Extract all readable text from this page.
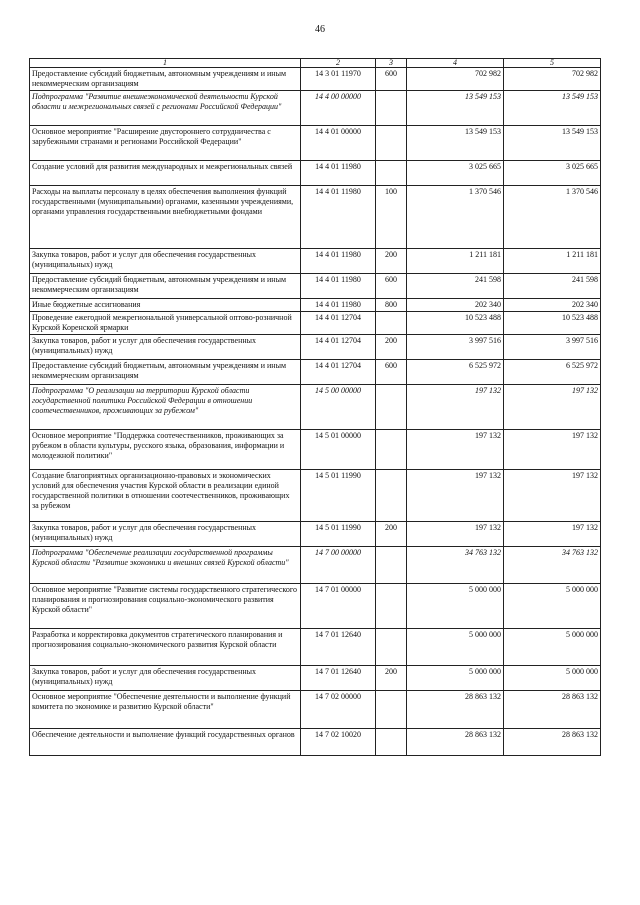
46
1	2	3	4	5
Предоставление субсидий бюджетным, автономным учреждениям и иным некоммерческим организациям	14 3 01 11970	600	702 982	702 982
Подпрограмма "Развитие внешнеэкономической деятельности Курской области и межрегиональных связей с регионами Российской Федерации"	14 4 00 00000		13 549 153	13 549 153
Основное мероприятие "Расширение двустороннего сотрудничества с зарубежными странами и регионами Российской Федерации"	14 4 01 00000		13 549 153	13 549 153
Создание условий для развития международных и межрегиональных связей	14 4 01 11980		3 025 665	3 025 665
Расходы на выплаты персоналу в целях обеспечения выполнения функций государственными (муниципальными) органами, казенными учреждениями, органами управления государственными внебюджетными фондами	14 4 01 11980	100	1 370 546	1 370 546
Закупка товаров, работ и услуг для обеспечения государственных (муниципальных) нужд	14 4 01 11980	200	1 211 181	1 211 181
Предоставление субсидий бюджетным, автономным учреждениям и иным некоммерческим организациям	14 4 01 11980	600	241 598	241 598
Иные бюджетные ассигнования	14 4 01 11980	800	202 340	202 340
Проведение ежегодной межрегиональной универсальной оптово-розничной Курской Коренской ярмарки	14 4 01 12704		10 523 488	10 523 488
Закупка товаров, работ и услуг для обеспечения государственных (муниципальных) нужд	14 4 01 12704	200	3 997 516	3 997 516
Предоставление субсидий бюджетным, автономным учреждениям и иным некоммерческим организациям	14 4 01 12704	600	6 525 972	6 525 972
Подпрограмма "О реализации на территории Курской области государственной политики Российской Федерации в отношении соотечественников, проживающих за рубежом"	14 5 00 00000		197 132	197 132
Основное мероприятие "Поддержка соотечественников, проживающих за рубежом в области культуры, русского языка, образования, информации и молодежной политики"	14 5 01 00000		197 132	197 132
Создание благоприятных организационно-правовых и экономических условий для обеспечения участия Курской области в реализации единой государственной политики в отношении соотечественников, проживающих за рубежом	14 5 01 11990		197 132	197 132
Закупка товаров, работ и услуг для обеспечения государственных (муниципальных) нужд	14 5 01 11990	200	197 132	197 132
Подпрограмма "Обеспечение реализации государственной программы Курской области "Развитие экономики и внешних связей Курской области"	14 7 00 00000		34 763 132	34 763 132
Основное мероприятие "Развитие системы государственного стратегического планирования и прогнозирования социально-экономического развития Курской области"	14 7 01 00000		5 000 000	5 000 000
Разработка и корректировка документов стратегического планирования и прогнозирования социально-экономического развития Курской области	14 7 01 12640		5 000 000	5 000 000
Закупка товаров, работ и услуг для обеспечения государственных (муниципальных) нужд	14 7 01 12640	200	5 000 000	5 000 000
Основное мероприятие "Обеспечение деятельности и выполнение функций комитета по экономике и развитию Курской области"	14 7 02 00000		28 863 132	28 863 132
Обеспечение деятельности и выполнение функций государственных органов	14 7 02 10020		28 863 132	28 863 132
